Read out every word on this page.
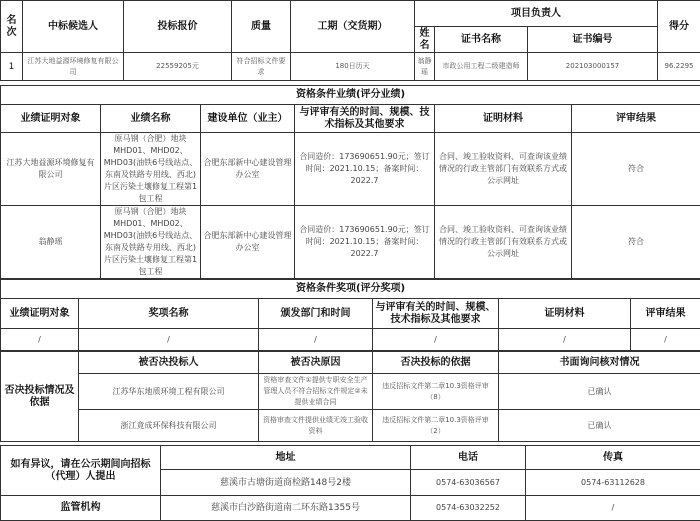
名次	中标候选人	投标报价	质量	工期（交货期）	项目负责人	得分
姓名	证书名称	证书编号
1	江苏大地益源环境修复有限公司	22559205元	符合招标文件要求	180日历天	翁静瑶	市政公用工程二级建造师	202103000157	96.2295
资格条件业绩(评分业绩)
业绩证明对象	业绩名称	建设单位（业主）	与评审有关的时间、规模、技术指标及其他要求	证明材料	评审结果
江苏大地益源环境修复有限公司	原马钢（合肥）地块MHD01、MHD02、MHD03(油铁6号线站点、东南及铁路专用线、西北)片区污染土壤修复工程第1包工程	合肥东部新中心建设管理办公室	合同造价：173690651.90元；签订时间：2021.10.15；备案时间：2022.7	合同、竣工验收资料、可查询该业绩情况的行政主管部门有效联系方式或公示网址	符合
翁静瑶	原马钢（合肥）地块MHD01、MHD02、MHD03(油铁6号线站点、东南及铁路专用线、西北)片区污染土壤修复工程第1包工程	合肥东部新中心建设管理办公室	合同造价：173690651.90元；签订时间：2021.10.15；备案时间：2022.7	合同、竣工验收资料、可查询该业绩情况的行政主管部门有效联系方式或公示网址	符合
资格条件奖项(评分奖项)
业绩证明对象	奖项名称	颁发部门和时间	与评审有关的时间、规模、技术指标及其他要求	证明材料	评审结果
/	/	/	/	/	/
否决投标情况及依据	被否决投标人	被否决原因	否决投标的依据	书面询问核对情况
江苏华东地质环境工程有限公司	资格审查文件①提供专职安全生产管理人员不符合招标文件规定②未提供业绩合同	违反招标文件第二章10.3资格评审（8）	已确认
浙江竟成环保科技有限公司	资格审查文件提供业绩无竣工验收资料	违反招标文件第二章10.3资格评审（2）	已确认
如有异议，请在公示期间向招标（代理）人提出	地址	电话	传真
慈溪市古塘街道商检路148号2楼	0574-63036567	0574-63112628
监管机构	慈溪市白沙路街道南二环东路1355号	0574-63032252	/
